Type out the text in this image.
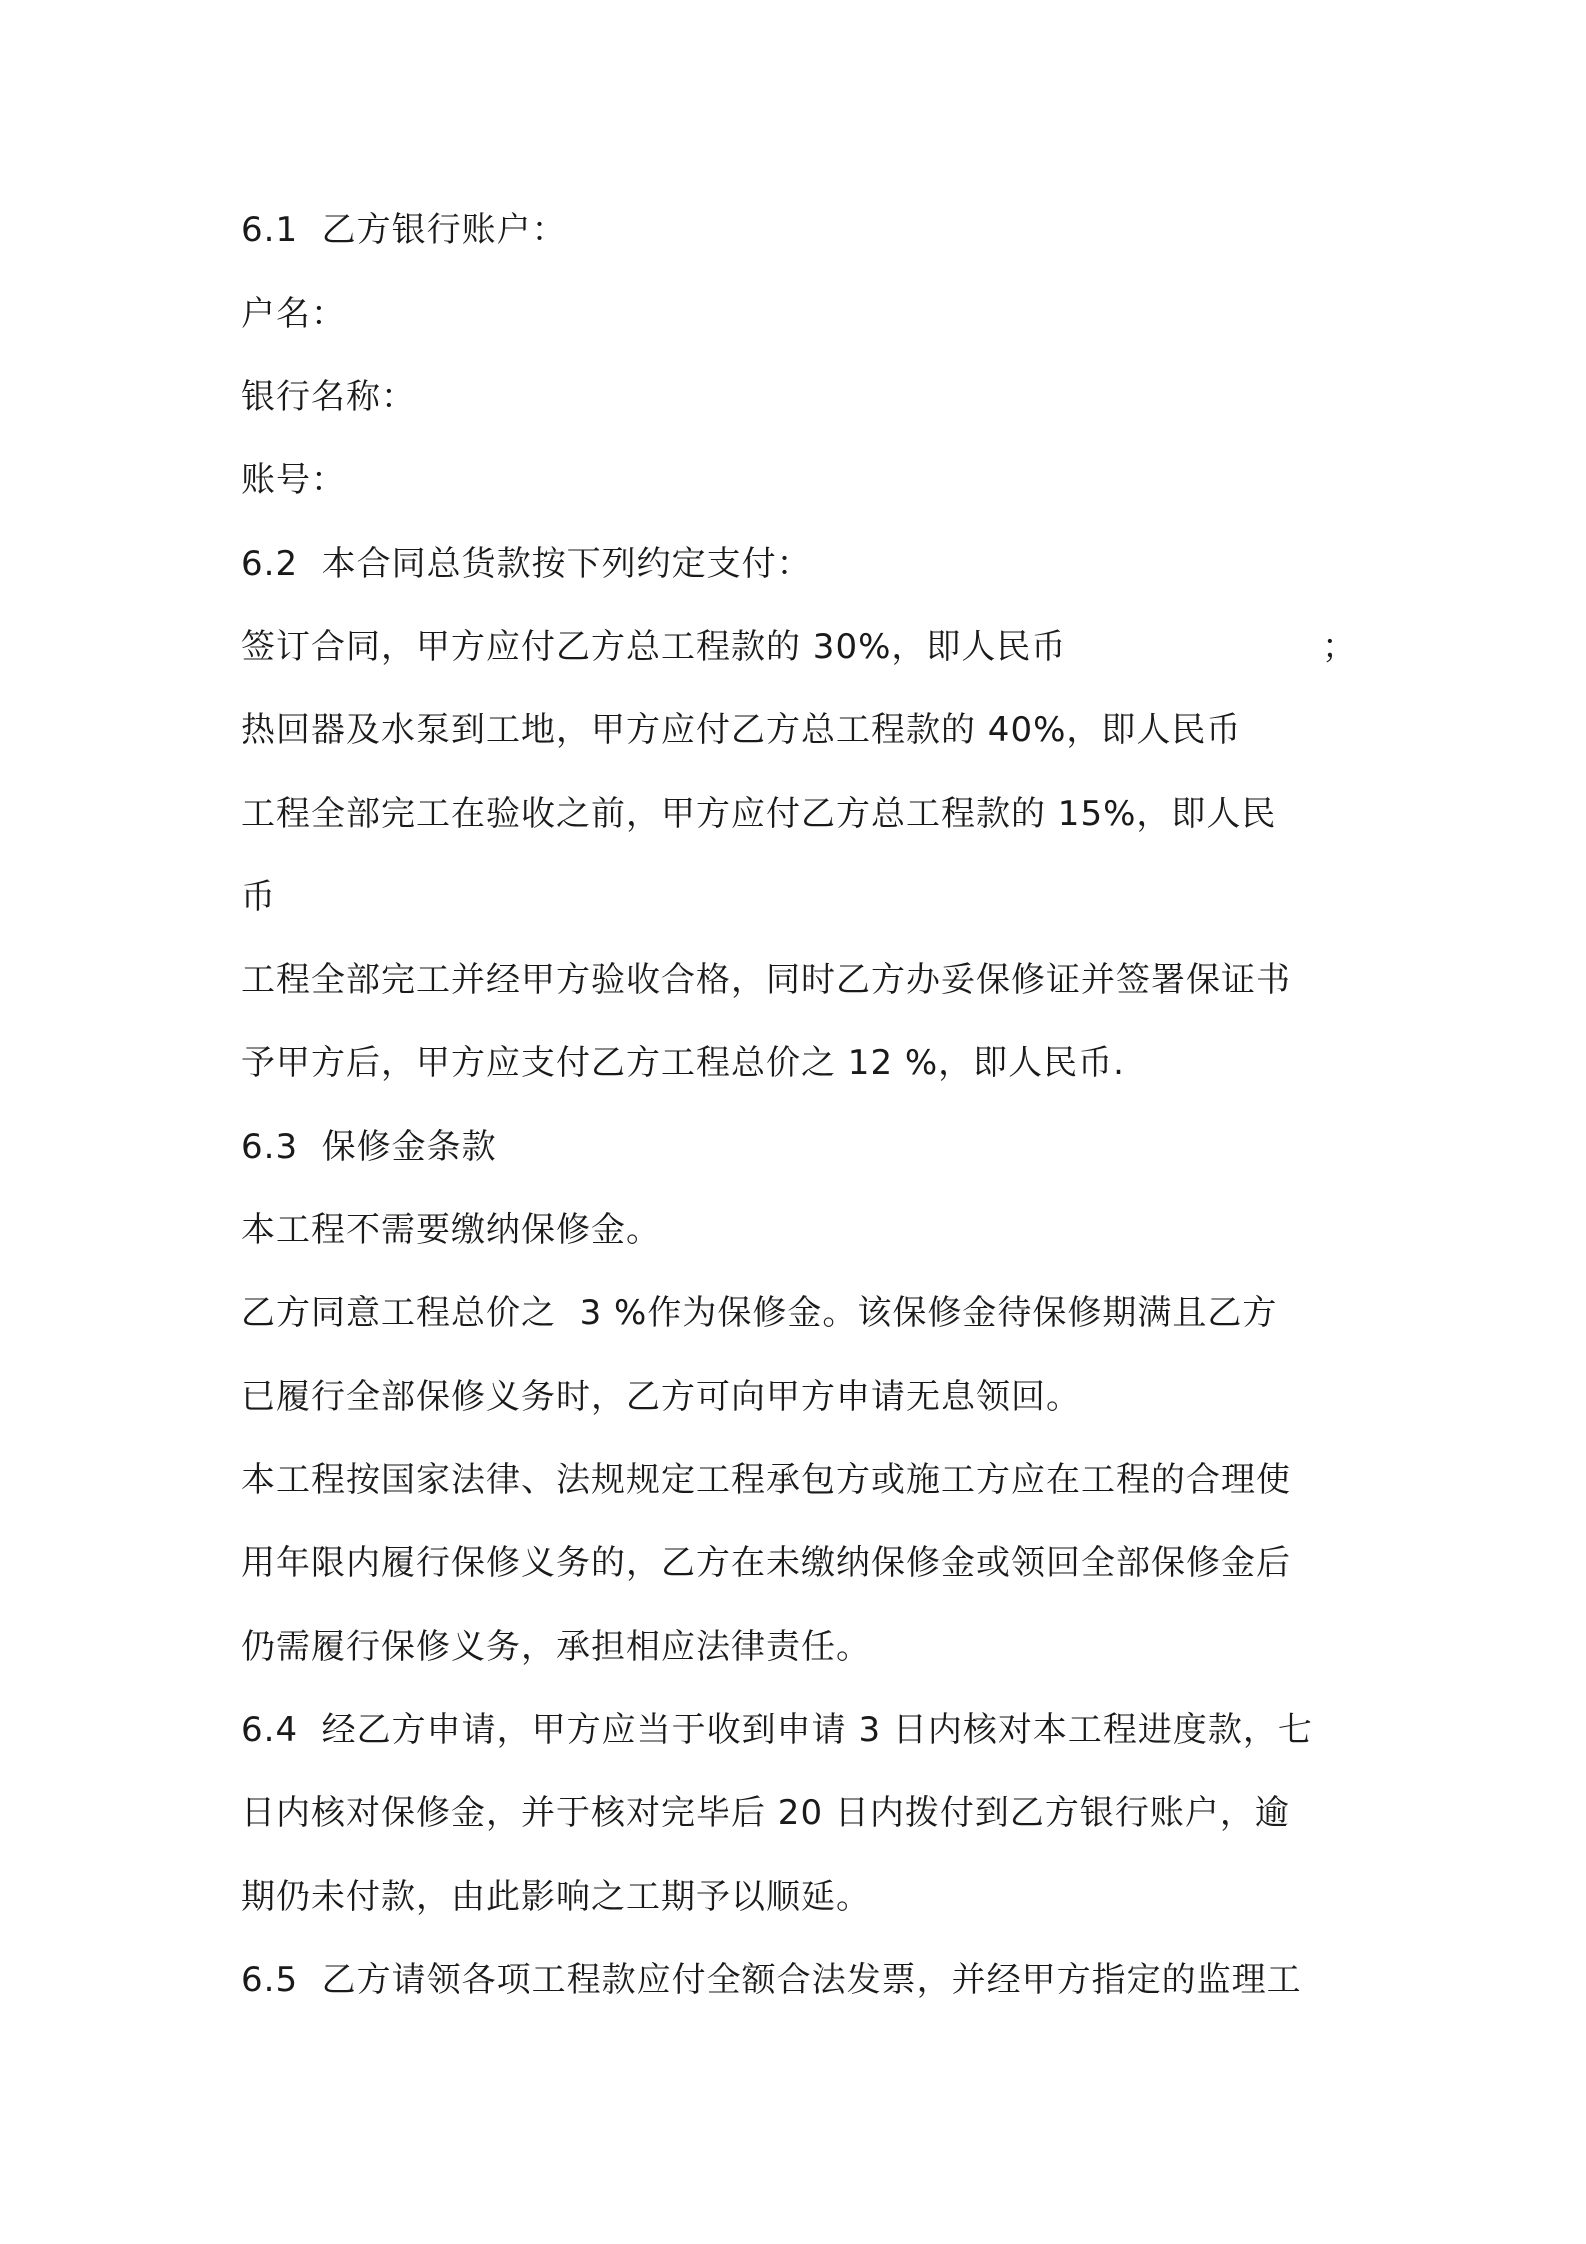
6.1  乙方银行账户：
户名：
银行名称：
账号：
6.2  本合同总货款按下列约定支付：
签订合同，甲方应付乙方总工程款的 30%，即人民币	；
热回器及水泵到工地，甲方应付乙方总工程款的 40%，即人民币
工程全部完工在验收之前，甲方应付乙方总工程款的 15%，即人民
币
工程全部完工并经甲方验收合格，同时乙方办妥保修证并签署保证书
予甲方后，甲方应支付乙方工程总价之 12 %，即人民币.
6.3  保修金条款
本工程不需要缴纳保修金。
乙方同意工程总价之  3 %作为保修金。该保修金待保修期满且乙方
已履行全部保修义务时，乙方可向甲方申请无息领回。
本工程按国家法律、法规规定工程承包方或施工方应在工程的合理使
用年限内履行保修义务的，乙方在未缴纳保修金或领回全部保修金后
仍需履行保修义务，承担相应法律责任。
6.4  经乙方申请，甲方应当于收到申请 3 日内核对本工程进度款，七
日内核对保修金，并于核对完毕后 20 日内拨付到乙方银行账户，逾
期仍未付款，由此影响之工期予以顺延。
6.5  乙方请领各项工程款应付全额合法发票，并经甲方指定的监理工
